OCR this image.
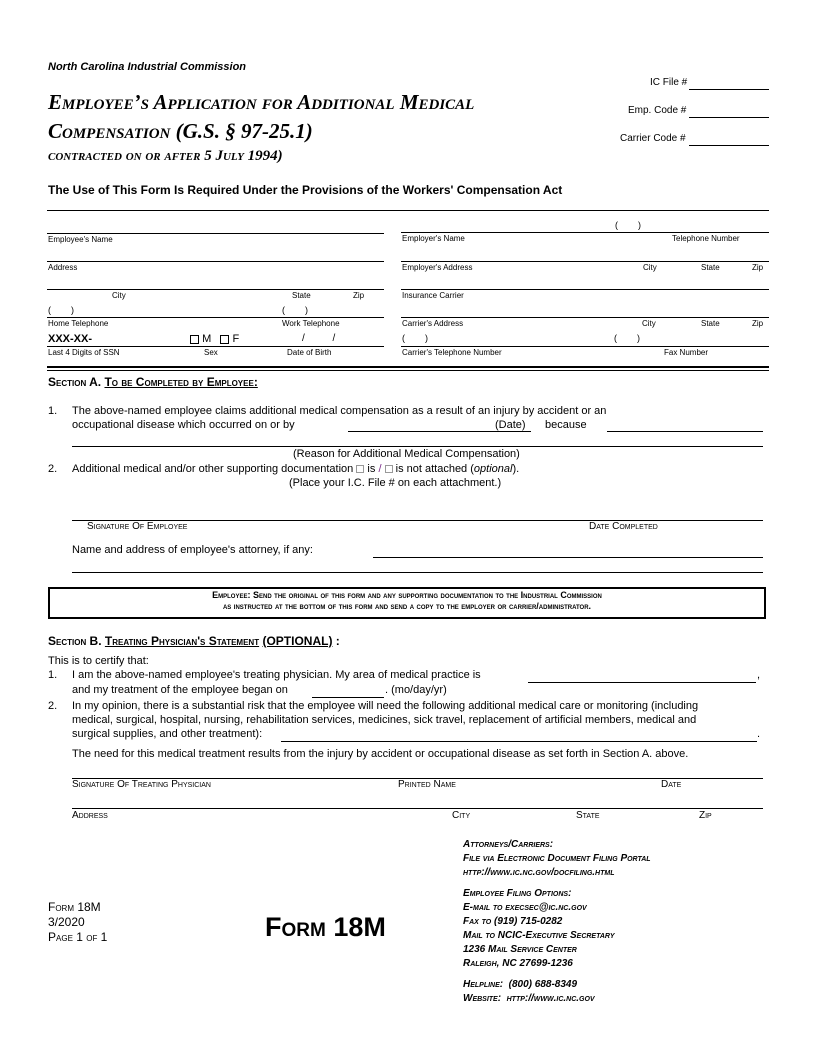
North Carolina Industrial Commission
Employee’s Application for Additional Medical
Compensation (G.S. § 97-25.1)
contracted on or after 5 July 1994)
IC File #
Emp. Code #
Carrier Code #
The Use of This Form Is Required Under the Provisions of the Workers' Compensation Act
Employee's Name
Address
City	State	Zip
(        )	(        )
Home Telephone	Work Telephone
XXX-XX-	M F	/          /
Last 4 Digits of SSN	Sex	Date of Birth
(        )
Employer's Name	Telephone Number
Employer's Address	City	State	Zip
Insurance Carrier
Carrier's Address	City	State	Zip
(        )	(        )
Carrier's Telephone Number	Fax Number
Section A. To be Completed by Employee:
1. The above-named employee claims additional medical compensation as a result of an injury by accident or an
occupational disease which occurred on or by	(Date) because
(Reason for Additional Medical Compensation)
2. Additional medical and/or other supporting documentation is / is not attached (optional).
(Place your I.C. File # on each attachment.)
Signature Of Employee	Date Completed
Name and address of employee's attorney, if any:
Employee: Send the original of this form and any supporting documentation to the Industrial Commission
as instructed at the bottom of this form and send a copy to the employer or carrier/administrator.
Section B. Treating Physician's Statement (OPTIONAL) :
This is to certify that:
1. I am the above-named employee's treating physician. My area of medical practice is	,
and my treatment of the employee began on	. (mo/day/yr)
2. In my opinion, there is a substantial risk that the employee will need the following additional medical care or monitoring (including
medical, surgical, hospital, nursing, rehabilitation services, medicines, sick travel, replacement of artificial members, medical and
surgical supplies, and other treatment):	.
The need for this medical treatment results from the injury by accident or occupational disease as set forth in Section A. above.
Signature Of Treating Physician	Printed Name	Date
Address	City	State	Zip
Form 18M
3/2020
Page 1 of 1	Form 18M
Attorneys/Carriers:
File via Electronic Document Filing Portal
http://www.ic.nc.gov/docfiling.html
Employee Filing Options:
E-mail to execsec@ic.nc.gov
Fax to (919) 715-0282
Mail to NCIC-Executive Secretary
1236 Mail Service Center
Raleigh, NC 27699-1236
Helpline:  (800) 688-8349
Website:  http://www.ic.nc.gov
